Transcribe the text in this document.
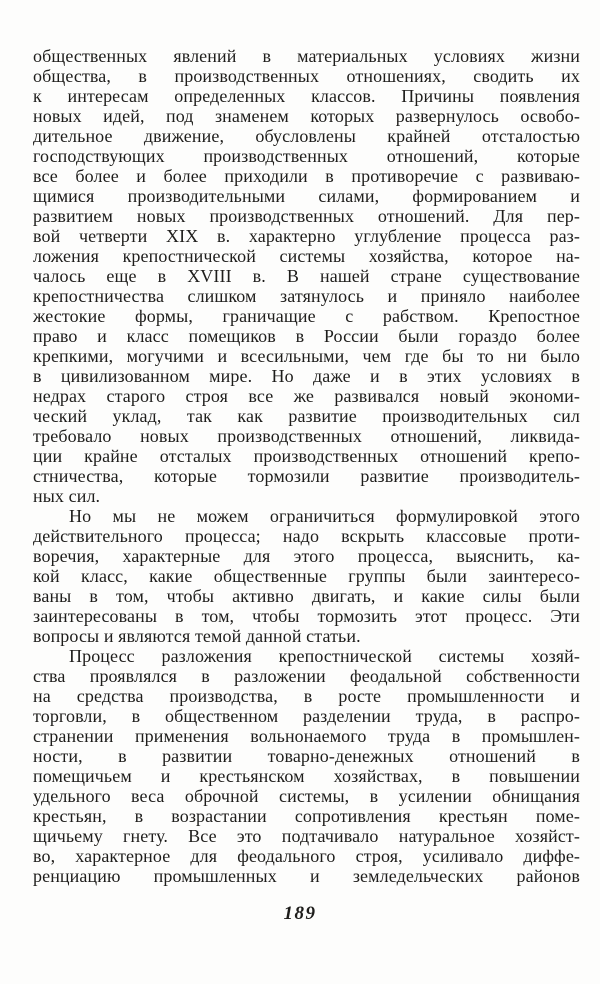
общественных явлений в материальных условиях жизни
общества, в производственных отношениях, сводить их
к интересам определенных классов. Причины появления
новых идей, под знаменем которых развернулось освобо-
дительное движение, обусловлены крайней отсталостью
господствующих производственных отношений, которые
все более и более приходили в противоречие с развиваю-
щимися производительными силами, формированием и
развитием новых производственных отношений. Для пер-
вой четверти XIX в. характерно углубление процесса раз-
ложения крепостнической системы хозяйства, которое на-
чалось еще в XVIII в. В нашей стране существование
крепостничества слишком затянулось и приняло наиболее
жестокие формы, граничащие с рабством. Крепостное
право и класс помещиков в России были гораздо более
крепкими, могучими и всесильными, чем где бы то ни было
в цивилизованном мире. Но даже и в этих условиях в
недрах старого строя все же развивался новый экономи-
ческий уклад, так как развитие производительных сил
требовало новых производственных отношений, ликвида-
ции крайне отсталых производственных отношений крепо-
стничества, которые тормозили развитие производитель-
ных сил.
Но мы не можем ограничиться формулировкой этого
действительного процесса; надо вскрыть классовые проти-
воречия, характерные для этого процесса, выяснить, ка-
кой класс, какие общественные группы были заинтересо-
ваны в том, чтобы активно двигать, и какие силы были
заинтересованы в том, чтобы тормозить этот процесс. Эти
вопросы и являются темой данной статьи.
Процесс разложения крепостнической системы хозяй-
ства проявлялся в разложении феодальной собственности
на средства производства, в росте промышленности и
торговли, в общественном разделении труда, в распро-
странении применения вольнонаемого труда в промышлен-
ности, в развитии товарно-денежных отношений в
помещичьем и крестьянском хозяйствах, в повышении
удельного веса оброчной системы, в усилении обнищания
крестьян, в возрастании сопротивления крестьян поме-
щичьему гнету. Все это подтачивало натуральное хозяйст-
во, характерное для феодального строя, усиливало диффе-
ренциацию промышленных и земледельческих районов
189
